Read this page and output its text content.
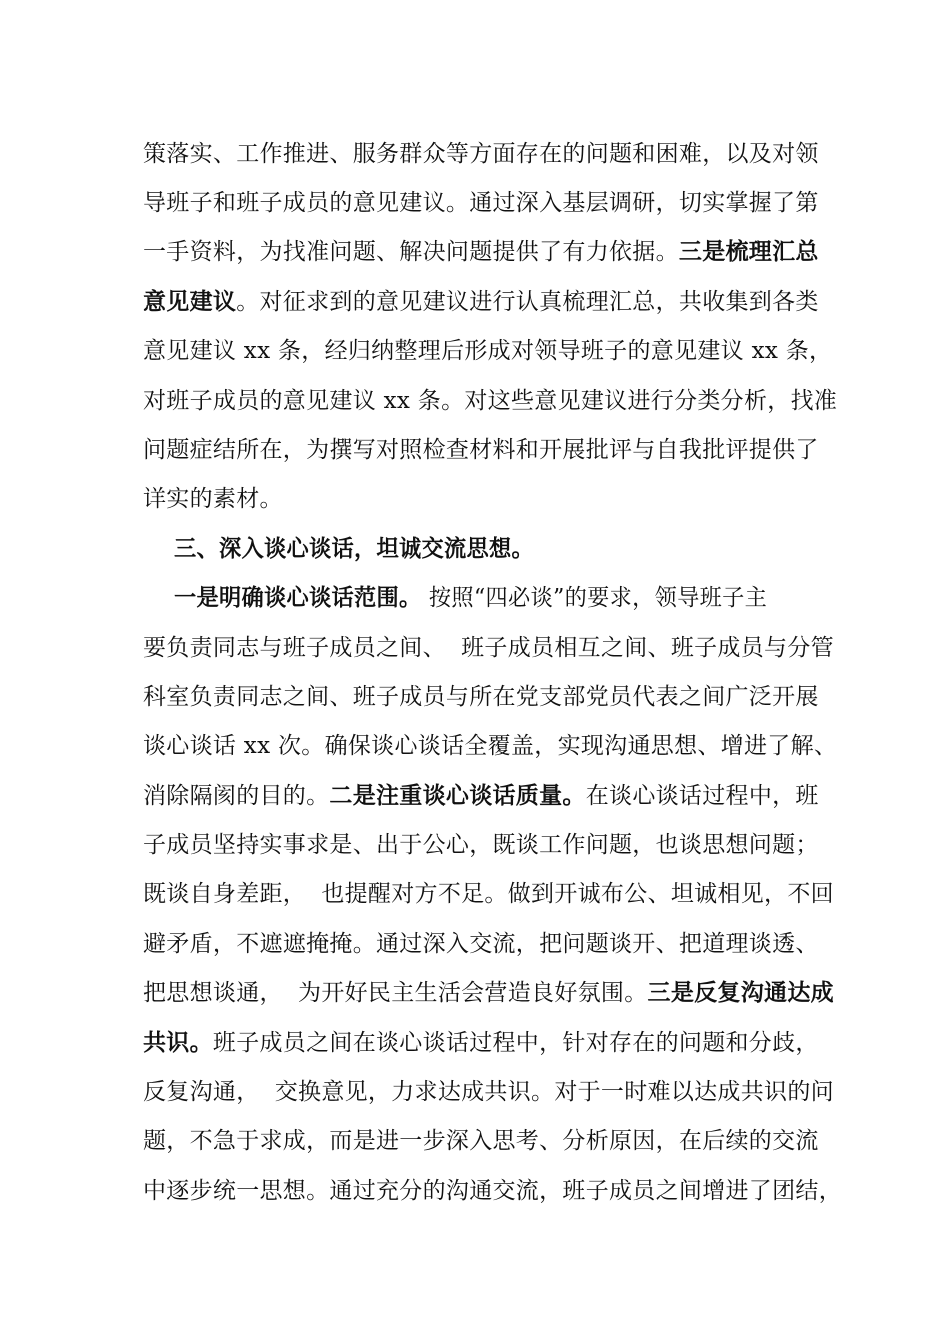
策落实、工作推进、服务群众等方面存在的问题和困难，以及对领
导班子和班子成员的意见建议。通过深入基层调研，切实掌握了第
一手资料，为找准问题、解决问题提供了有力依据。三是梳理汇总
意见建议。对征求到的意见建议进行认真梳理汇总，共收集到各类
意见建议 xx 条，经归纳整理后形成对领导班子的意见建议 xx 条，
对班子成员的意见建议 xx 条。对这些意见建议进行分类分析，找准
问题症结所在，为撰写对照检查材料和开展批评与自我批评提供了
详实的素材。
三、深入谈心谈话，坦诚交流思想。
一是明确谈心谈话范围。 按照“四必谈”的要求，领导班子主
要负责同志与班子成员之间、  班子成员相互之间、班子成员与分管
科室负责同志之间、班子成员与所在党支部党员代表之间广泛开展
谈心谈话 xx 次。确保谈心谈话全覆盖，实现沟通思想、增进了解、
消除隔阂的目的。二是注重谈心谈话质量。在谈心谈话过程中，班
子成员坚持实事求是、出于公心，既谈工作问题，也谈思想问题；
既谈自身差距，  也提醒对方不足。做到开诚布公、坦诚相见，不回
避矛盾，不遮遮掩掩。通过深入交流，把问题谈开、把道理谈透、
把思想谈通，  为开好民主生活会营造良好氛围。三是反复沟通达成
共识。班子成员之间在谈心谈话过程中，针对存在的问题和分歧，
反复沟通，  交换意见，力求达成共识。对于一时难以达成共识的问
题，不急于求成，而是进一步深入思考、分析原因，在后续的交流
中逐步统一思想。通过充分的沟通交流，班子成员之间增进了团结，
